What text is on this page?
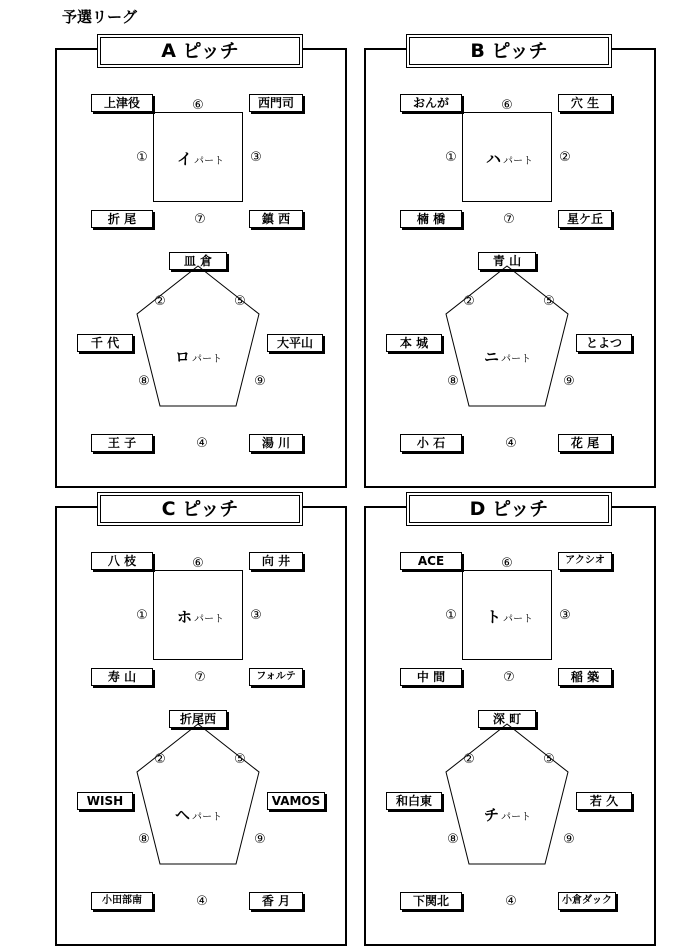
予選リーグ
A ピッチ
上津役	西門司
⑥
イパート
①	③
折 尾	鎮 西
⑦
皿 倉
②	⑤
千 代	大平山
ロパート
⑧	⑨
王 子	湯 川
④
B ピッチ
おんが	穴 生
⑥
ハパート
①	②
楠 橋	星ケ丘
⑦
青 山
②	⑤
本 城	とよつ
ニパート
⑧	⑨
小 石	花 尾
④
C ピッチ
八 枝	向 井
⑥
ホパート
①	③
寿 山	フォルテ
⑦
折尾西
②	⑤
WISH	VAMOS
ヘパート
⑧	⑨
小田部南	香 月
④
D ピッチ
ACE	アクシオ
⑥
トパート
①	③
中 間	稲 築
⑦
深 町
②	⑤
和白東	若 久
チパート
⑧	⑨
下関北	小倉ダック
④
